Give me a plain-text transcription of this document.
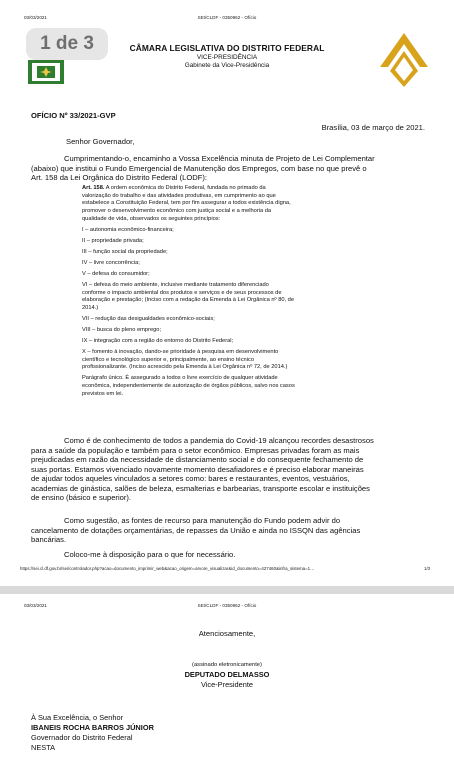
03/03/2021	SEI/CLDF - 0350962 - Ofício
1 de 3	CÂMARA LEGISLATIVA DO DISTRITO FEDERAL
VICE-PRESIDÊNCIA
Gabinete da Vice-Presidência
OFÍCIO Nº 33/2021-GVP
Brasília, 03 de março de 2021.
Senhor Governador,
Cumprimentando-o, encaminho a Vossa Excelência minuta de Projeto de Lei Complementar
(abaixo) que institui o Fundo Emergencial de Manutenção dos Empregos, com base no que prevê o
Art. 158 da Lei Orgânica do Distrito Federal (LODF):

Art. 158. A ordem econômica do Distrito Federal, fundada no primado da

valorização do trabalho e das atividades produtivas, em cumprimento ao que

estabelece a Constituição Federal, tem por fim assegurar a todos existência digna,

promover o desenvolvimento econômico com justiça social e a melhoria da

qualidade de vida, observados os seguintes princípios:

I – autonomia econômico-financeira;

II – propriedade privada;

III – função social da propriedade;

IV – livre concorrência;

V – defesa do consumidor;

VI – defesa do meio ambiente, inclusive mediante tratamento diferenciado

conforme o impacto ambiental dos produtos e serviços e de seus processos de

elaboração e prestação; (Inciso com a redação da Emenda à Lei Orgânica nº 80, de

2014.)

VII – redução das desigualdades econômico-sociais;

VIII – busca do pleno emprego;

IX – integração com a região do entorno do Distrito Federal;

X – fomento à inovação, dando-se prioridade à pesquisa em desenvolvimento

científico e tecnológico superior e, principalmente, ao ensino técnico

profissionalizante. (Inciso acrescido pela Emenda à Lei Orgânica nº 72, de 2014.)

Parágrafo único. É assegurado a todos o livre exercício de qualquer atividade

econômica, independentemente de autorização de órgãos públicos, salvo nos casos

previstos em lei.

Como é de conhecimento de todos a pandemia do Covid-19 alcançou recordes desastrosos
para a saúde da população e também para o setor econômico. Empresas privadas foram as mais
prejudicadas em razão da necessidade de distanciamento social e do consequente fechamento de
suas portas. Estamos vivenciado novamente momento desafiadores e é preciso elaborar maneiras
de ajudar todos aqueles vinculados a setores como: bares e restaurantes, eventos, vestuários,
academias de ginástica, salões de beleza, esmalterias e barbearias, transporte escolar e instituições
de ensino (básico e superior).
Como sugestão, as fontes de recurso para manutenção do Fundo podem advir do
cancelamento de dotações orçamentárias, de repasses da União e ainda no ISSQN das agências
bancárias.
Coloco-me à disposição para o que for necessário.
https://sei.cl.df.gov.br/sei/controlador.php?acao=documento_imprimir_web&acao_origem=arvore_visualizar&id_documento=427460&infra_sistema=1…	1/3
03/03/2021	SEI/CLDF - 0350962 - Ofício
Atenciosamente,
(assinado eletronicamente)
DEPUTADO DELMASSO
Vice-Presidente
À Sua Excelência, o Senhor
IBANEIS ROCHA BARROS JÚNIOR
Governador do Distrito Federal
NESTA
